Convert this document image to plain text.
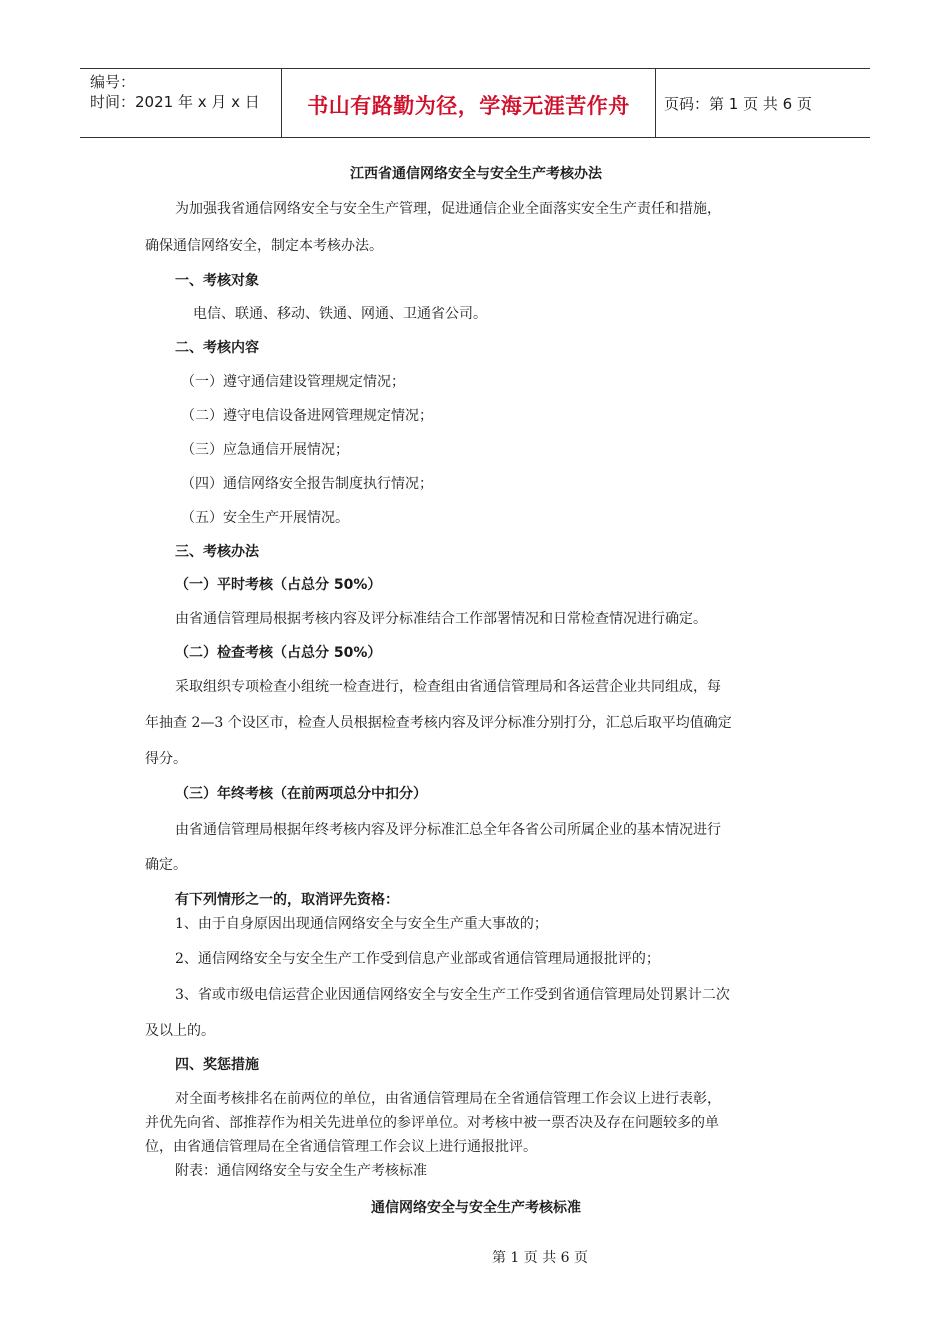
编号：
时间：2021 年 x 月 x 日	书山有路勤为径，学海无涯苦作舟	页码：第 1 页 共 6 页
江西省通信网络安全与安全生产考核办法
为加强我省通信网络安全与安全生产管理，促进通信企业全面落实安全生产责任和措施，
确保通信网络安全，制定本考核办法。
一、考核对象
电信、联通、移动、铁通、网通、卫通省公司。
二、考核内容
（一）遵守通信建设管理规定情况；
（二）遵守电信设备进网管理规定情况；
（三）应急通信开展情况；
（四）通信网络安全报告制度执行情况；
（五）安全生产开展情况。
三、考核办法
（一）平时考核（占总分 50%）
由省通信管理局根据考核内容及评分标准结合工作部署情况和日常检查情况进行确定。
（二）检查考核（占总分 50%）
采取组织专项检查小组统一检查进行，检查组由省通信管理局和各运营企业共同组成，每
年抽查 2—3 个设区市，检查人员根据检查考核内容及评分标准分别打分，汇总后取平均值确定
得分。
（三）年终考核（在前两项总分中扣分）
由省通信管理局根据年终考核内容及评分标准汇总全年各省公司所属企业的基本情况进行
确定。
有下列情形之一的，取消评先资格：
1、由于自身原因出现通信网络安全与安全生产重大事故的；
2、通信网络安全与安全生产工作受到信息产业部或省通信管理局通报批评的；
3、省或市级电信运营企业因通信网络安全与安全生产工作受到省通信管理局处罚累计二次
及以上的。
四、奖惩措施
对全面考核排名在前两位的单位，由省通信管理局在全省通信管理工作会议上进行表彰，
并优先向省、部推荐作为相关先进单位的参评单位。对考核中被一票否决及存在问题较多的单
位，由省通信管理局在全省通信管理工作会议上进行通报批评。
附表：通信网络安全与安全生产考核标准
通信网络安全与安全生产考核标准
第 1 页 共 6 页
